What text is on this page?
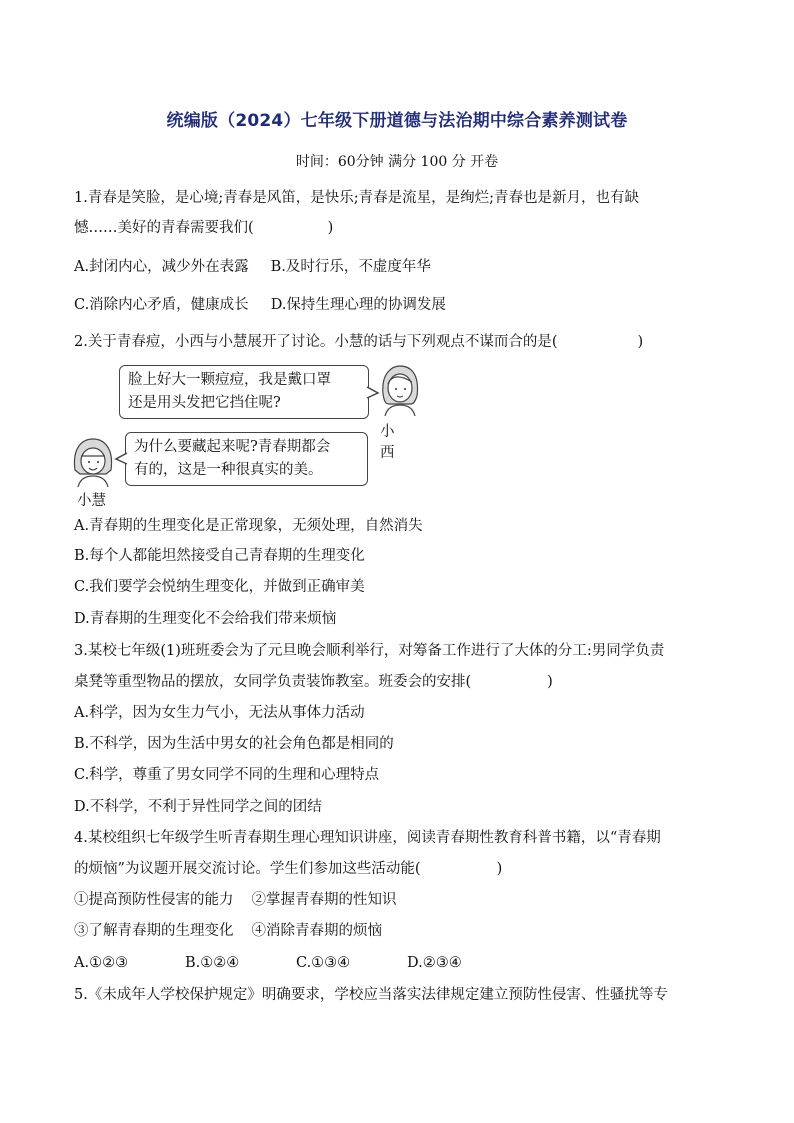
统编版（2024）七年级下册道德与法治期中综合素养测试卷
时间：60分钟 满分 100 分 开卷
1.青春是笑脸，是心境;青春是风笛，是快乐;青春是流星，是绚烂;青春也是新月，也有缺
憾……美好的青春需要我们(	)
A.封闭内心，减少外在表露 B.及时行乐，不虚度年华
C.消除内心矛盾，健康成长 D.保持生理心理的协调发展
2.关于青春痘，小西与小慧展开了讨论。小慧的话与下列观点不谋而合的是(	)
脸上好大一颗痘痘，我是戴口罩
还是用头发把它挡住呢?
小西
为什么要藏起来呢?青春期都会
有的，这是一种很真实的美。
小慧
A.青春期的生理变化是正常现象，无须处理，自然消失
B.每个人都能坦然接受自己青春期的生理变化
C.我们要学会悦纳生理变化，并做到正确审美
D.青春期的生理变化不会给我们带来烦恼
3.某校七年级(1)班班委会为了元旦晚会顺利举行，对筹备工作进行了大体的分工:男同学负责
桌凳等重型物品的摆放，女同学负责装饰教室。班委会的安排(	)
A.科学，因为女生力气小，无法从事体力活动
B.不科学，因为生活中男女的社会角色都是相同的
C.科学，尊重了男女同学不同的生理和心理特点
D.不科学，不利于异性同学之间的团结
4.某校组织七年级学生听青春期生理心理知识讲座，阅读青春期性教育科普书籍，以“青春期
的烦恼”为议题开展交流讨论。学生们参加这些活动能(	)
①提高预防性侵害的能力 ②掌握青春期的性知识
③了解青春期的生理变化 ④消除青春期的烦恼
A.①②③	B.①②④	C.①③④	D.②③④
5.《未成年人学校保护规定》明确要求，学校应当落实法律规定建立预防性侵害、性骚扰等专
